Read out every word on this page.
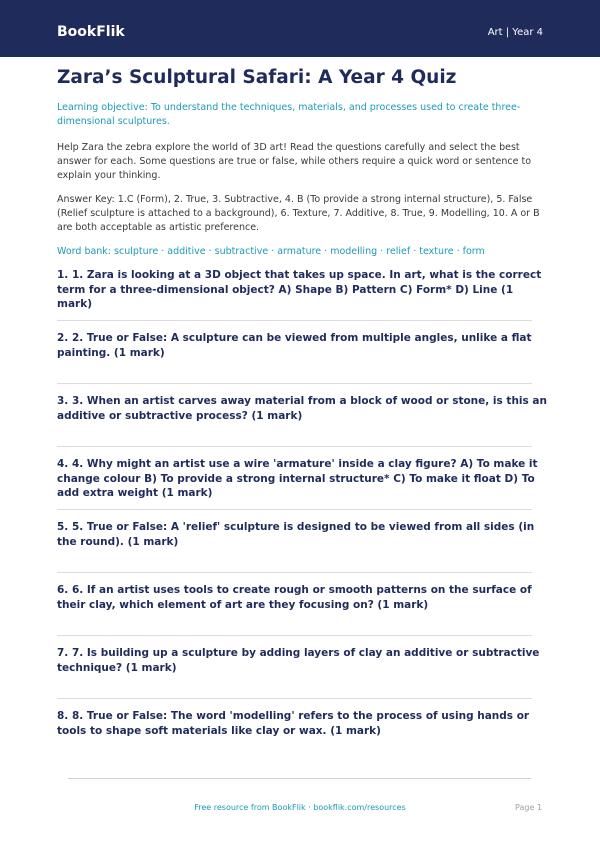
BookFlik	Art | Year 4
Zara’s Sculptural Safari: A Year 4 Quiz

Learning objective: To understand the techniques, materials, and processes used to create three-dimensional sculptures.

Help Zara the zebra explore the world of 3D art! Read the questions carefully and select the best answer for each. Some questions are true or false, while others require a quick word or sentence to explain your thinking.

Answer Key: 1.C (Form), 2. True, 3. Subtractive, 4. B (To provide a strong internal structure), 5. False (Relief sculpture is attached to a background), 6. Texture, 7. Additive, 8. True, 9. Modelling, 10. A or B are both acceptable as artistic preference.

Word bank: sculpture · additive · subtractive · armature · modelling · relief · texture · form

1. 1. Zara is looking at a 3D object that takes up space. In art, what is the correct term for a three-dimensional object? A) Shape B) Pattern C) Form* D) Line (1 mark)

2. 2. True or False: A sculpture can be viewed from multiple angles, unlike a flat painting. (1 mark)

3. 3. When an artist carves away material from a block of wood or stone, is this an additive or subtractive process? (1 mark)

4. 4. Why might an artist use a wire 'armature' inside a clay figure? A) To make it change colour B) To provide a strong internal structure* C) To make it float D) To add extra weight (1 mark)

5. 5. True or False: A 'relief' sculpture is designed to be viewed from all sides (in the round). (1 mark)

6. 6. If an artist uses tools to create rough or smooth patterns on the surface of their clay, which element of art are they focusing on? (1 mark)

7. 7. Is building up a sculpture by adding layers of clay an additive or subtractive technique? (1 mark)

8. 8. True or False: The word 'modelling' refers to the process of using hands or tools to shape soft materials like clay or wax. (1 mark)

Free resource from BookFlik · bookflik.com/resources	Page 1
